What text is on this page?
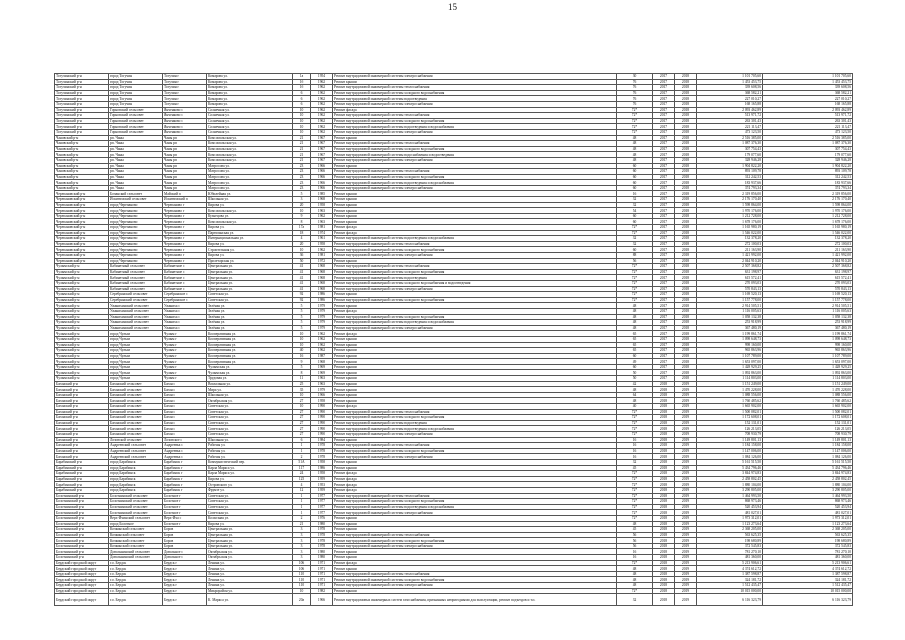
15
Тогучинский р-н	город Тогучин	Тогучин г	Комарова ул.	1а	1954	Ремонт внутридомовой инженерной системы электроснабжения	30	2017	2018	1 101 705,60	1 101 705,60
Тогучинский р-н	город Тогучин	Тогучин г	Комарова ул.	1б	1962	Ремонт крыши	76	2017	2018	1 453 453,75	1 453 453,75
Тогучинский р-н	город Тогучин	Тогучин г	Комарова ул.	1б	1962	Ремонт внутридомовой инженерной системы теплоснабжения	76	2017	2018	339 608,56	339 608,56
Тогучинский р-н	город Тогучин	Тогучин г	Комарова ул.	6	1962	Ремонт внутридомовой инженерной системы холодного водоснабжения	76	2017	2018	368 582,21	368 582,21
Тогучинский р-н	город Тогучин	Тогучин г	Комарова ул.	6	1962	Ремонт внутридомовой инженерной системы водоотведения	76	2017	2018	227 010,27	227 010,27
Тогучинский р-н	город Тогучин	Тогучин г	Комарова ул.	6	1962	Ремонт внутридомовой инженерной системы электроснабжения	76	2017	2018	168 165,88	168 165,88
Тогучинский р-н	Горновский сельсовет	Янченково с	Солнечная ул.	10	1962	Ремонт фасада	72*	2017	2018	2 093 462,89	2 093 462,89
Тогучинский р-н	Горновский сельсовет	Янченково с	Солнечная ул.	10	1962	Ремонт внутридомовой инженерной системы теплоснабжения	72*	2017	2018	513 971,72	513 971,72
Тогучинский р-н	Горновский сельсовет	Янченково с	Солнечная ул.	10	1962	Ремонт внутридомовой инженерной системы холодного водоснабжения	72*	2017	2018	263 301,43	263 301,43
Тогучинский р-н	Горновский сельсовет	Янченково с	Солнечная ул.	10	1962	Ремонт внутридомовой инженерной системы водоотведения и водоснабжения	72*	2017	2018	221 113,47	221 113,47
Тогучинский р-н	Горновский сельсовет	Янченково с	Солнечная ул.	10	1962	Ремонт внутридомовой инженерной системы электроснабжения	72*	2017	2018	473 123,50	473 123,50
Чановский р-н	рп. Чаны	Чаны рп	Комсомольская ул.	21	1967	Ремонт крыши	48	2017	2018	2 516 385,00	2 516 385,00
Чановский р-н	рп. Чаны	Чаны рп	Комсомольская ул.	21	1967	Ремонт внутридомовой инженерной системы теплоснабжения	48	2017	2018	1 087 376,30	1 087 376,30
Чановский р-н	рп. Чаны	Чаны рп	Комсомольская ул.	21	1967	Ремонт внутридомовой инженерной системы холодного водоснабжения	48	2017	2018	307 754,43	307 754,43
Чановский р-н	рп. Чаны	Чаны рп	Комсомольская ул.	21	1967	Ремонт внутридомовой инженерной системы водоснабжения и водоотведения	48	2017	2018	179 077,60	179 077,60
Чановский р-н	рп. Чаны	Чаны рп	Комсомольская ул.	21	1967	Ремонт внутридомовой инженерной системы электроснабжения	48	2017	2018	328 946,28	328 946,28
Чановский р-н	рп. Чаны	Чаны рп	Матросова ул.	23	1966	Ремонт крыши	60	2017	2018	1 904 822,20	1 904 822,20
Чановский р-н	рп. Чаны	Чаны рп	Матросова ул.	23	1966	Ремонт внутридомовой инженерной системы теплоснабжения	60	2017	2018	893 109,78	893 109,78
Чановский р-н	рп. Чаны	Чаны рп	Матросова ул.	23	1966	Ремонт внутридомовой инженерной системы холодного водоснабжения	60	2017	2018	312 242,53	312 242,53
Чановский р-н	рп. Чаны	Чаны рп	Матросова ул.	23	1966	Ремонт внутридомовой инженерной системы водоотведения и водоснабжения	60	2017	2018	183 937,66	183 937,66
Чановский р-н	рп. Чаны	Чаны рп	Матросова ул.	23	1966	Ремонт внутридомовой инженерной системы электроснабжения	60	2017	2018	374 793,34	374 793,34
Черепановский р-н	Бочанский сельсовет	Майский п	Юбилейная ул.	5	1985	Ремонт крыши	16	2017	2018	2 319 856,00	2 319 856,00
Черепановский р-н	Искитимский сельсовет	Искитимский п	Школьная ул.	3	1968	Ремонт крыши	32	2017	2018	2 176 170,40	2 176 170,40
Черепановский р-н	город Черепаново	Черепаново г	Кирова ул.	20	1958	Ремонт крыши	32	2017	2018	1 598 864,00	1 598 864,00
Черепановский р-н	город Черепаново	Черепаново г	Комсомольская ул.	10	1963	Ремонт крыши	54	2017	2018	1 970 176,00	1 970 176,00
Черепановский р-н	город Черепаново	Черепаново г	Кузнецова ул.	9	1962	Ремонт крыши	60	2017	2018	1 212 728,00	1 212 728,00
Черепановский р-н	город Черепаново	Черепаново г	Комсомольская ул.	8	1963	Ремонт крыши	60	2017	2018	1 678 176,00	1 678 176,00
Черепановский р-н	город Черепаново	Черепаново г	Кирова ул.	17а	1981	Ремонт фасада	72*	2017	2018	1 165 980,19	1 165 980,19
Черепановский р-н	город Черепаново	Черепаново г	Партизанская ул.	18	1974	Ремонт фасада	72*	2017	2018	1 546 022,00	1 546 022,00
Черепановский р-н	город Черепаново	Черепаново г	Интернациональная ул.	4	1961	Ремонт внутридомовой инженерной системы водоотведения и водоснабжения	32	2017	2018	132 378,20	132 378,20
Черепановский р-н	город Черепаново	Черепаново г	Кирова ул.	20	1958	Ремонт внутридомовой инженерной системы теплоснабжения	32	2017	2018	272 100,03	272 100,03
Черепановский р-н	город Черепаново	Черепаново г	Строительная ул.	10	1962	Ремонт внутридомовой инженерной системы холодного водоснабжения	60	2017	2018	211 163,90	211 163,90
Черепановский р-н	город Черепаново	Черепаново г	Кирова ул.	36	1981	Ремонт внутридомовой инженерной системы электроснабжения	88	2017	2018	1 421 992,00	1 421 992,00
Черепановский р-н	город Черепаново	Черепаново г	Пролетарская ул.	50	1972	Ремонт крыши	56	2017	2018	2 044 910,20	2 044 910,20
Чулымский р-н	Кабинетный сельсовет	Кабинетное с	Центральная ул.	41	1968	Ремонт внутридомовой инженерной системы теплоснабжения	72*	2017	2018	2 507 368,82	2 507 368,82
Чулымский р-н	Кабинетный сельсовет	Кабинетное с	Центральная ул.	41	1968	Ремонт внутридомовой инженерной системы холодного водоснабжения	72*	2017	2018	631 198,97	631 198,97
Чулымский р-н	Кабинетный сельсовет	Кабинетное с	Центральная ул.	41	1968	Ремонт внутридомовой инженерной системы водоотведения	72*	2017	2018	615 572,41	615 572,41
Чулымский р-н	Кабинетный сельсовет	Кабинетное с	Центральная ул.	41	1968	Ремонт внутридомовой инженерной системы холодного водоснабжения и водоотведения	72*	2017	2018	270 093,03	270 093,03
Чулымский р-н	Кабинетный сельсовет	Кабинетное с	Центральная ул.	41	1968	Ремонт внутридомовой инженерной системы электроснабжения	72*	2017	2018	570 843,13	570 843,13
Чулымский р-н	Серебрянский сельсовет	Серебрянское с	Советская ул.	92	1986	Ремонт крыши	72*	2017	2018	1 169 520,13	1 169 520,13
Чулымский р-н	Серебрянский сельсовет	Серебрянское с	Советская ул.	92	1986	Ремонт внутридомовой инженерной системы холодного водоснабжения	72*	2017	2018	1 157 778,00	1 157 778,00
Чулымский р-н	Ужанихинский сельсовет	Ужаниха с	Зелёная ул.	5	1979	Ремонт крыши	48	2017	2018	2 914 505,51	2 914 505,51
Чулымский р-н	Ужанихинский сельсовет	Ужаниха с	Зелёная ул.	5	1979	Ремонт фасада	48	2017	2018	1 116 005,63	1 116 005,63
Чулымский р-н	Ужанихинский сельсовет	Ужаниха с	Зелёная ул.	5	1979	Ремонт внутридомовой инженерной системы холодного водоснабжения	48	2017	2018	1 058 132,38	1 058 132,38
Чулымский р-н	Ужанихинский сельсовет	Ужаниха с	Зелёная ул.	5	1979	Ремонт внутридомовой инженерной системы водоотведения и водоснабжения	48	2017	2018	253 918,99	253 918,99
Чулымский р-н	Ужанихинский сельсовет	Ужаниха с	Зелёная ул.	5	1979	Ремонт внутридомовой инженерной системы электроснабжения	48	2017	2018	367 480,19	367 480,19
Чулымский р-н	город Чулым	Чулым г	Кооперативная ул.	10	1962	Ремонт фасада	65	2017	2018	1 199 861,74	1 199 861,74
Чулымский р-н	город Чулым	Чулым г	Кооперативная ул.	10	1962	Ремонт крыши	65	2017	2018	1 098 648,73	1 098 648,73
Чулымский р-н	город Чулым	Чулым г	Кооперативная ул.	10	1962	Ремонт крыши	65	2017	2018	998 160,00	998 160,00
Чулымский р-н	город Чулым	Чулым г	Кооперативная ул.	40	1962	Ремонт крыши	65	2017	2018	965 863,96	965 863,96
Чулымский р-н	город Чулым	Чулым г	Кооперативная ул.	16	1987	Ремонт крыши	60	2017	2018	1 107 789,00	1 107 789,00
Чулымский р-н	город Чулым	Чулым г	Кооперативная ул.	9	1968	Ремонт крыши	49	2017	2018	1 653 097,00	1 653 097,00
Чулымский р-н	город Чулым	Чулым г	Чулымская ул.	5	1969	Ремонт крыши	60	2017	2018	1 428 929,25	1 428 929,25
Чулымский р-н	город Чулым	Чулым г	Чулымская ул.	8	1969	Ремонт крыши	50	2017	2018	1 092 863,00	1 092 863,00
Чулымский р-н	город Чулым	Чулым г	Трудовая ул.	11	1963	Ремонт крыши	50	2017	2018	1 114 803,00	1 114 803,00
Баганский р-н	Баганский сельсовет	Баган с	Вокзальная ул.	25	1963	Ремонт крыши	42	2018	2019	1 151 249,00	1 151 249,00
Баганский р-н	Баганский сельсовет	Баган с	Мира ул.	35	1979	Ремонт крыши	48	2018	2019	1 470 228,00	1 470 228,00
Баганский р-н	Баганский сельсовет	Баган с	Школьная ул.	10	1966	Ремонт крыши	64	2018	2019	1 088 556,00	1 088 556,00
Баганский р-н	Баганский сельсовет	Баган с	Октябрьская ул.	27	1958	Ремонт крыши	48	2018	2019	1 760 485,62	1 760 485,62
Баганский р-н	Баганский сельсовет	Баган с	Советская ул.	10	1990	Ремонт фасада	40	2018	2019	1 665 902,00	1 665 902,00
Баганский р-н	Баганский сельсовет	Баган с	Советская ул.	27	1990	Ремонт внутридомовой инженерной системы теплоснабжения	72*	2018	2019	1 500 082,01	1 500 082,01
Баганский р-н	Баганский сельсовет	Баган с	Советская ул.	27	1990	Ремонт внутридомовой инженерной системы холодного водоснабжения	72*	2018	2019	1 172 608,01	1 172 608,01
Баганский р-н	Баганский сельсовет	Баган с	Советская ул.	27	1990	Ремонт внутридомовой инженерной системы водоотведения	72*	2018	2019	152 131,01	152 131,01
Баганский р-н	Баганский сельсовет	Баган с	Советская ул.	27	1990	Ремонт внутридомовой инженерной системы водоотведения и водоснабжения	72*	2018	2019	126 213,05	126 213,05
Баганский р-н	Баганский сельсовет	Баган с	Советская ул.	27	1990	Ремонт внутридомовой инженерной системы электроснабжения	72*	2018	2019	708 930,79	708 930,79
Баганский р-н	Лозовской сельсовет	Лозовское с	Школьная ул.	6	1984	Ремонт крыши	16	2018	2019	1 149 801,13	1 149 801,13
Баганский р-н	Андреевский сельсовет	Андреевка с	Рабочая ул.	1	1978	Ремонт внутридомовой инженерной системы теплоснабжения	16	2018	2019	1 184 158,00	1 184 158,00
Баганский р-н	Андреевский сельсовет	Андреевка с	Рабочая ул.	1	1978	Ремонт внутридомовой инженерной системы холодного водоснабжения	16	2018	2019	1 147 006,00	1 147 006,00
Баганский р-н	Андреевский сельсовет	Андреевка с	Рабочая ул.	2	1978	Ремонт внутридомовой инженерной системы электроснабжения	16	2018	2019	1 084 126,00	1 084 126,00
Барабинский р-н	город Барабинск	Барабинск г	Коммунистический пер.	51А	1958	Ремонт крыши	32	2018	2019	5 161 515,50	5 161 515,50
Барабинский р-н	город Барабинск	Барабинск г	Карла Маркса ул.	117	1986	Ремонт крыши	45	2018	2019	5 434 796,46	5 434 796,46
Барабинский р-н	город Барабинск	Барабинск г	Карла Маркса ул.	24	1958	Ремонт фасада	72*	2018	2019	3 844 974,83	3 844 974,83
Барабинский р-н	город Барабинск	Барабинск г	Кирова ул.	125	1959	Ремонт фасада	72*	2018	2019	2 458 802,45	2 458 802,45
Барабинский р-н	город Барабинск	Барабинск г	Островского ул.	4	1953	Ремонт фасада	72*	2018	2019	1 880 104,00	1 880 104,00
Барабинский р-н	город Барабинск	Барабинск г	Фрунзе ул.	12	1959	Ремонт фасада	72*	2018	2019	3 290 805,00	3 290 805,00
Болотнинский р-н	Болотнинский сельсовет	Болотное г	Советская ул.	1	1977	Ремонт внутридомовой инженерной системы теплоснабжения	72*	2018	2019	1 464 993,50	1 464 993,50
Болотнинский р-н	Болотнинский сельсовет	Болотное г	Советская ул.	1	1977	Ремонт внутридомовой инженерной системы холодного водоснабжения	72*	2018	2019	868 973,46	868 973,46
Болотнинский р-н	Болотнинский сельсовет	Болотное г	Советская ул.	1	1977	Ремонт внутридомовой инженерной системы водоотведения и водоснабжения	72*	2018	2019	520 453,94	520 453,94
Болотнинский р-н	Болотнинский сельсовет	Болотное г	Советская ул.	1	1977	Ремонт внутридомовой инженерной системы электроснабжения	72*	2018	2019	481 027,01	481 027,01
Болотнинский р-н	Верх-Ичинский сельсовет	Верх-Ича с	Колхозная ул.	2	1976	Ремонт крыши	72*	2018	2019	1 973 312,01	1 973 312,01
Болотнинский р-н	город Болотное	Болотное г	Кирова ул.	21	1980	Ремонт крыши	48	2018	2019	1 123 273,64	1 123 273,64
Болотнинский р-н	Кочкинский сельсовет	Боров	Центральная ул.	3	1978	Ремонт крыши	45	2018	2019	2 368 205,00	2 368 205,00
Болотнинский р-н	Кочкинский сельсовет	Боров	Центральная ул.	3	1978	Ремонт внутридомовой инженерной системы теплоснабжения	56	2018	2019	563 625,35	563 625,35
Болотнинский р-н	Кочкинский сельсовет	Боров	Центральная ул.	3	1978	Ремонт внутридомовой инженерной системы холодного водоснабжения	56	2018	2019	198 680,89	198 680,89
Болотнинский р-н	Кочкинский сельсовет	Боров	Центральная ул.	3	1978	Ремонт внутридомовой инженерной системы электроснабжения	56	2018	2019	372 545,83	372 545,83
Болотнинский р-н	Довольнинский сельсовет	Довольное с	Октябрьская ул.	3	1980	Ремонт крыши	16	2018	2019	781 270,10	781 270,10
Болотнинский р-н	Довольнинский сельсовет	Довольное с	Октябрьская ул.	3	1980	Ремонт крыши	16	2018	2019	481 360,00	481 360,00
Бердский городской округ	г.о. Бердск	Бердск г	Ленина ул.	106	1971	Ремонт фасада	72*	2018	2019	5 213 906,61	5 213 906,61
Бердский городской округ	г.о. Бердск	Бердск г	Ленина ул.	106	1971	Ремонт крыши	48	2018	2019	4 374 612,72	4 374 612,72
Бердский городской округ	г.о. Бердск	Бердск г	Ленина ул.	110	1971	Ремонт внутридомовой инженерной системы теплоснабжения	48	2018	2019	1 387 598,87	1 387 598,87
Бердский городской округ	г.о. Бердск	Бердск г	Ленина ул.	110	1971	Ремонт внутридомовой инженерной системы холодного водоснабжения	48	2018	2019	324 181,72	324 181,72
Бердский городской округ	г.о. Бердск	Бердск г	Ленина ул.	110	1971	Ремонт внутридомовой инженерной системы электроснабжения	48	2018	2019	1 512 435,47	1 512 435,47
Бердский городской округ	г.о. Бердск	Бердск г	Микрорайон ул.	10	1982	Ремонт крыши	72*	2018	2019	10 015 000,00	10 015 000,00
Бердский городской округ	г.о. Бердск	Бердск г	К. Маркса ул.	20а	1966	Ремонт внутридомовых инженерных систем газоснабжения, признанных непригодными для эксплуатации, ремонт подъездов и т.п.	32	2018	2019	6 116 323,79	6 116 323,79
